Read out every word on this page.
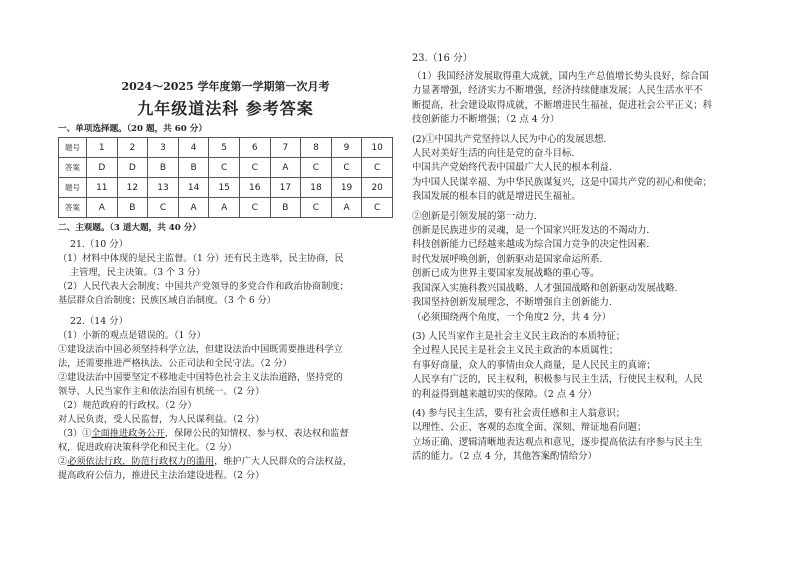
2024～2025 学年度第一学期第一次月考
九年级道法科 参考答案
一、单项选择题。（20 题，共 60 分）
题号	1	2	3	4	5	6	7	8	9	10
答案	D	D	B	B	C	C	A	C	C	C
题号	11	12	13	14	15	16	17	18	19	20
答案	A	B	C	A	A	C	B	C	A	C
二、主观题。（3 道大题，共 40 分）
21.（10 分）

（1）材料中体现的是民主监督。（1 分）还有民主选举，民主协商，民

主管理，民主决策。（3 个 3 分）

（2）人民代表大会制度；中国共产党领导的多党合作和政治协商制度；

基层群众自治制度；民族区域自治制度。（3 个 6 分）

22.（14 分）

（1）小新的观点是错误的。（1 分）

①建设法治中国必须坚持科学立法，但建设法治中国既需要推进科学立

法，还需要推进严格执法、公正司法和全民守法。（2 分）

②建设法治中国要坚定不移地走中国特色社会主义法治道路，坚持党的

领导、人民当家作主和依法治国有机统一。（2 分）

（2）规范政府的行政权。（2 分）

对人民负责，受人民监督，为人民谋利益。（2 分）

（3）①全面推进政务公开，保障公民的知情权、参与权、表达权和监督

权，促进政府决策科学化和民主化。（2 分）

②必须依法行政，防范行政权力的滥用，维护广大人民群众的合法权益，

提高政府公信力，推进民主法治建设进程。（2 分）

23.（16 分）

（1）我国经济发展取得重大成就，国内生产总值增长势头良好，综合国

力显著增强，经济实力不断增强，经济持续健康发展；人民生活水平不

断提高，社会建设取得成就，不断增进民生福祉，促进社会公平正义；科

技创新能力不断增强；（2 点 4 分）

(2)①中国共产党坚持以人民为中心的发展思想.

人民对美好生活的向往是党的奋斗目标.

中国共产党始终代表中国最广大人民的根本利益.

为中国人民谋幸福、为中华民族谋复兴，这是中国共产党的初心和使命；

我国发展的根本目的就是增进民生福祉。

②创新是引领发展的第一动力.

创新是民族进步的灵魂，是一个国家兴旺发达的不竭动力.

科技创新能力已经越来越成为综合国力竞争的决定性因素.

时代发展呼唤创新，创新驱动是国家命运所系.

创新已成为世界主要国家发展战略的重心等。

我国深入实施科教兴国战略、人才强国战略和创新驱动发展战略.

我国坚持创新发展理念，不断增强自主创新能力.

（必须围绕两个角度，一个角度2 分，共 4 分）

(3) 人民当家作主是社会主义民主政治的本质特征；

全过程人民民主是社会主义民主政治的本质属性；

有事好商量，众人的事情由众人商量，是人民民主的真谛；

人民享有广泛的，民主权利，积极参与民主生活，行使民主权利，人民

的利益得到越来越切实的保障。（2 点 4 分）

(4) 参与民主生活，要有社会责任感和主人翁意识；

以理性、公正、客观的态度全面、深刻、辩证地看问题；

立场正确、逻辑清晰地表达观点和意见，逐步提高依法有序参与民主生

活的能力。（2 点 4 分，其他答案酌情给分）
